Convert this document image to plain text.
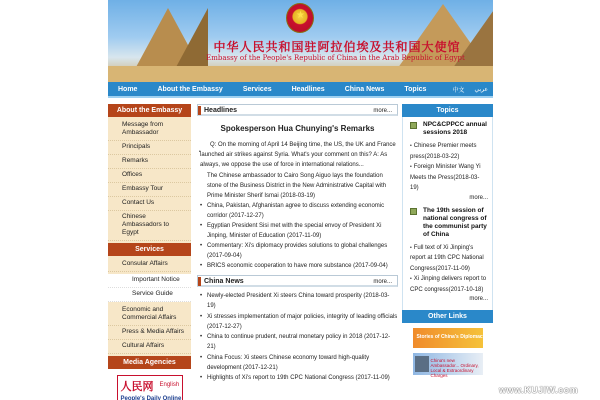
★
中华人民共和国驻阿拉伯埃及共和国大使馆
Embassy of the People's Republic of China in the Arab Republic of Egypt
Home	About the Embassy	Services	Headlines	China News	Topics	中文	عربي
About the Embassy
Message from Ambassador
Principals
Remarks
Offices
Embassy Tour
Contact Us
Chinese Ambassadors to Egypt
Services
Consular Affairs
Important Notice
Service Guide
Economic and Commercial Affairs
Press & Media Affairs
Cultural Affairs
Media Agencies
人民网 English
People's Daily Online
Headlines	more...
Spokesperson Hua Chunying's Remarks
•
Q: On the morning of April 14 Beijing time, the US, the UK and France launched air strikes against Syria. What's your comment on this? A: As always, we oppose the use of force in international relations...
The Chinese ambassador to Cairo Song Aiguo lays the foundation stone of the Business District in the New Administrative Capital with Prime Minister Sherif Ismai (2018-03-19)
• China, Pakistan, Afghanistan agree to discuss extending economic corridor (2017-12-27)
• Egyptian President Sisi met with the special envoy of President Xi Jinping, Minister of Education (2017-11-09)
• Commentary: Xi's diplomacy provides solutions to global challenges (2017-09-04)
• BRICS economic cooperation to have more substance (2017-09-04)
China News	more...
• Newly-elected President Xi steers China toward prosperity (2018-03-19)
• Xi stresses implementation of major policies, integrity of leading officials (2017-12-27)
• China to continue prudent, neutral monetary policy in 2018 (2017-12-21)
• China Focus: Xi steers Chinese economy toward high-quality development (2017-12-21)
• Highlights of Xi's report to 19th CPC National Congress (2017-11-09)
Topics
NPC&CPPCC annual sessions 2018
• Chinese Premier meets press(2018-03-22)
• Foreign Minister Wang Yi Meets the Press(2018-03-19)
more...
The 19th session of national congress of the communist party of China
• Full text of Xi Jinping's report at 19th CPC National Congress(2017-11-09)
• Xi Jinping delivers report to CPC congress(2017-10-18)
more...
Other Links
Stories of China's Diplomacy
China's new Ambassador... Ordinary, Local & Extraordinary Charges
www.KUJIW.com
